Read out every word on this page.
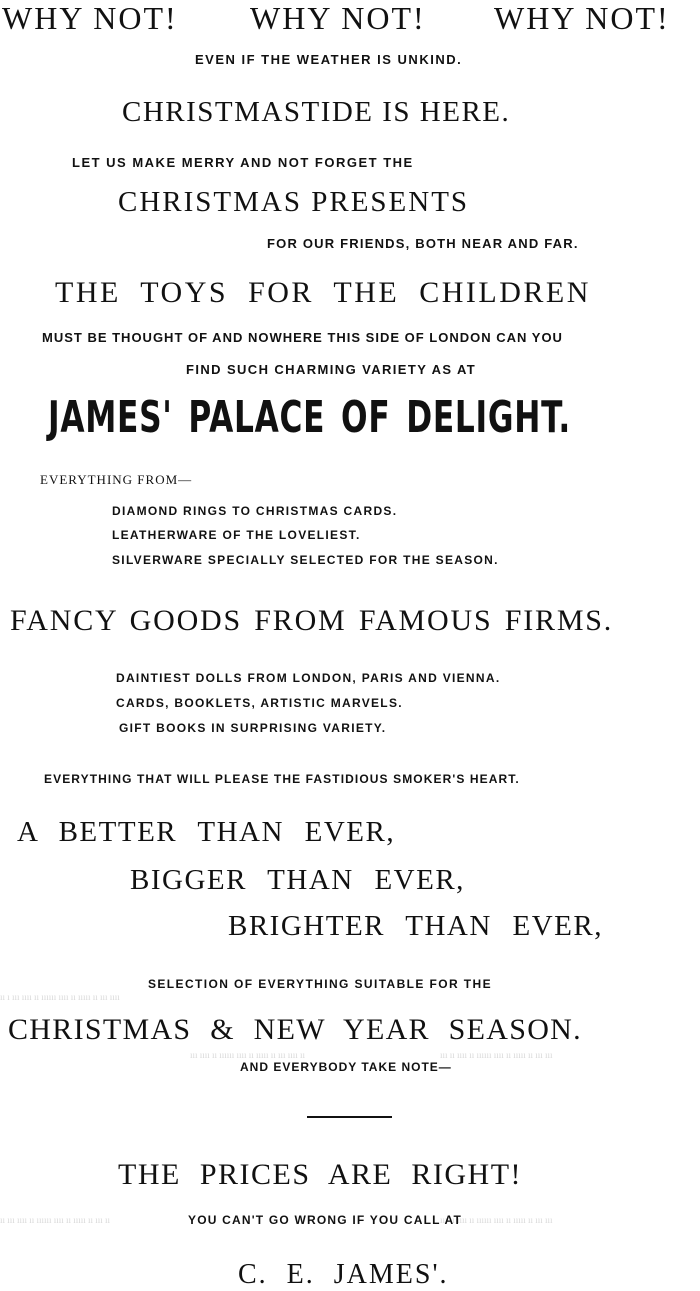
ıı ı ııı ıııı ıı ıııııı ıııı ıı ııııı ıı ııı ıııı
ııı ıııı ıı ıııııı ıııı ıı ııııı ıı ııı ıııı ıı	ııı ıı ıııı ıı ıııııı ıııı ıı ııııı ıı ııı ııı
ıı ııı ıııı ıı ıııııı ıııı ıı ııııı ıı ııı ıı	ııı ıı ıııı ıı ıııııı ıııı ıı ııııı ıı ııı ııı
WHY NOT! WHY NOT! WHY NOT!
EVEN IF THE WEATHER IS UNKIND.
CHRISTMASTIDE IS HERE.
LET US MAKE MERRY AND NOT FORGET THE
CHRISTMAS PRESENTS
FOR OUR FRIENDS, BOTH NEAR AND FAR.
THE TOYS FOR THE CHILDREN
MUST BE THOUGHT OF AND NOWHERE THIS SIDE OF LONDON CAN YOU
FIND SUCH CHARMING VARIETY AS AT
JAMES' PALACE OF DELIGHT.
EVERYTHING FROM—
DIAMOND RINGS TO CHRISTMAS CARDS.
LEATHERWARE OF THE LOVELIEST.
SILVERWARE SPECIALLY SELECTED FOR THE SEASON.
FANCY GOODS FROM FAMOUS FIRMS.
DAINTIEST DOLLS FROM LONDON, PARIS AND VIENNA.
CARDS, BOOKLETS, ARTISTIC MARVELS.
GIFT BOOKS IN SURPRISING VARIETY.
EVERYTHING THAT WILL PLEASE THE FASTIDIOUS SMOKER'S HEART.
A BETTER THAN EVER,
BIGGER THAN EVER,
BRIGHTER THAN EVER,
SELECTION OF EVERYTHING SUITABLE FOR THE
CHRISTMAS & NEW YEAR SEASON.
AND EVERYBODY TAKE NOTE—
THE PRICES ARE RIGHT!
YOU CAN'T GO WRONG IF YOU CALL AT
C. E. JAMES'.
